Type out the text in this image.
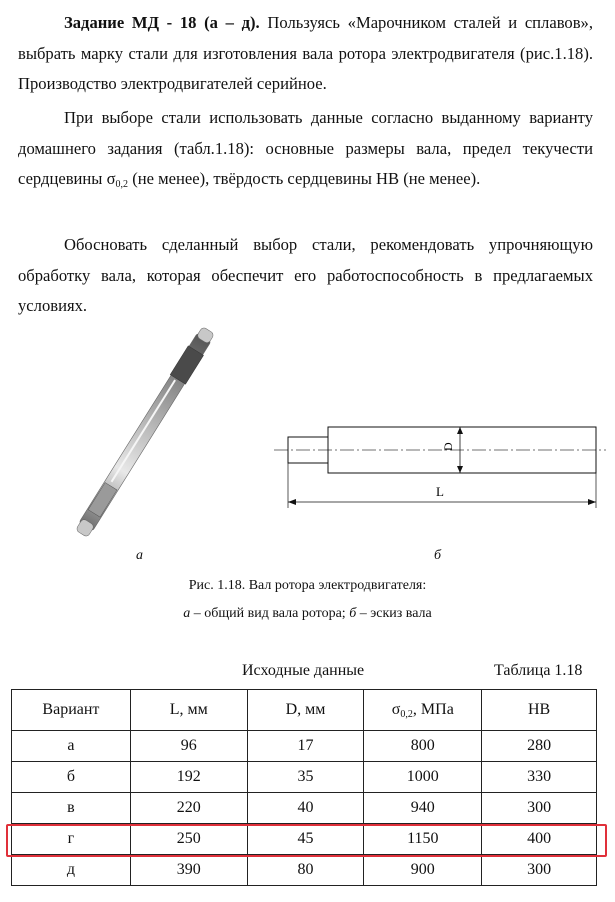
Задание МД - 18 (а – д). Пользуясь «Марочником сталей и сплавов», выбрать марку стали для изготовления вала ротора электродвигателя (рис.1.18). Производство электродвигателей серийное.
При выборе стали использовать данные согласно выданному варианту домашнего задания (табл.1.18): основные размеры вала, предел текучести сердцевины $\sigma_{0,2}$ (не менее), твёрдость сердцевины HB (не менее).
Обосновать сделанный выбор стали, рекомендовать упрочняющую обработку вала, которая обеспечит его работоспособность в предлагаемых условиях.
D
L
а	б
Рис. 1.18. Вал ротора электродвигателя:
а – общий вид вала ротора; б – эскиз вала
Исходные данные	Таблица 1.18
Вариант	L, мм	D, мм	$\sigma_{0,2}$, МПа	HB
а	96	17	800	280
б	192	35	1000	330
в	220	40	940	300
г	250	45	1150	400
д	390	80	900	300
